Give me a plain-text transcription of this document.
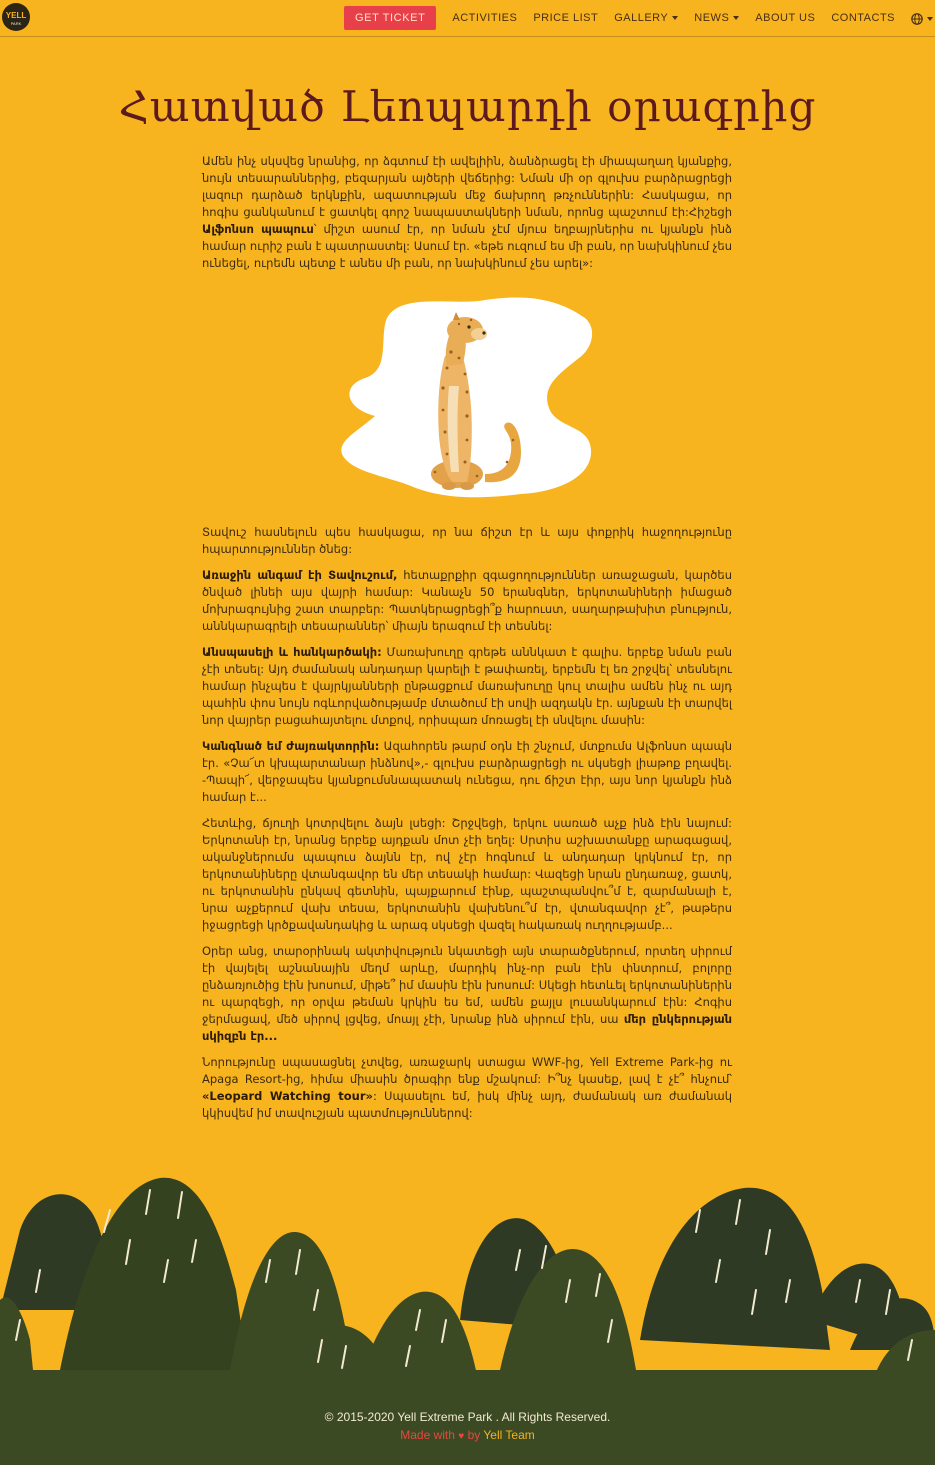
YELL
PARK	GET TICKET	ACTIVITIES	PRICE LIST	GALLERY	NEWS	ABOUT US	CONTACTS
Հատված Լեոպարդի օրագրից

Ամեն ինչ սկսվեց նրանից, որ ձգտում էի ավելիին, ձանձրացել էի միապաղաղ կյանքից, նույն տեսարաններից, բեզարյան այծերի վեճերից: Նման մի օր գլուխս բարձրացրեցի լազուր դարձած երկնքին, ազատության մեջ ճախրող թռչուններին: Հասկացա, որ հոգիս ցանկանում է ցատկել գորշ նապաստակների նման, որոնց պաշտում էի:Հիշեցի Ալֆոնսո պապուս՝ միշտ ասում էր, որ նման չէմ մյուս եղբայրներիս ու կյանքն ինձ համար ուրիշ բան է պատրաստել: Ասում էր. «եթե ուզում ես մի բան, որ նախկինում չես ունեցել, ուրեմն պետք է անես մի բան, որ նախկինում չես արել»:

Տավուշ հասնելուն պես հասկացա, որ նա ճիշտ էր և այս փոքրիկ հաջողությունը հպարտություններ ծնեց:

Առաջին անգամ էի Տավուշում, հետաքրքիր զգացողություններ առաջացան, կարծես ծնված լինեի այս վայրի համար: Կանաչն 50 երանգներ, երկոտանիների իմացած մոխրագույնից շատ տարբեր: Պատկերացրեցի՞ք հարուստ, սաղարթախիտ բնություն, աննկարագրելի տեսարաններ՝ միայն երազում էի տեսնել:

Անսպասելի և հանկարծակի: Մառախուղը գրեթե աննկատ է գալիս. երբեք նման բան չէի տեսել: Այդ ժամանակ անդադար կարելի է թափառել, երբեմն էլ եռ շրջվել՝ տեսնելու համար ինչպես է վայրկյանների ընթացքում մառախուղը կուլ տալիս ամեն ինչ ու այդ պահին փոս նույն ոգևորվածությամբ մտածում էի սովի ազդակն էր. այնքան էի տարվել նոր վայրեր բացահայտելու մտքով, որիսպառ մոռացել էի սնվելու մասին:

Կանգնած եմ ժայռակտորին: Ազահորեն թարմ օդն էի շնչում, մտքումս Ալֆոնսո պապն էր. «Չա՜տ կխպարտանար ինձնով»,- գլուխս բարձրացրեցի ու սկսեցի լիաթոք բղավել. -Պապի՜, վերջապես կյանքումսնապատակ ունեցա, դու ճիշտ էիր, այս նոր կյանքն ինձ համար է...

Հետևից, ճյուղի կոտրվելու ձայն լսեցի: Շրջվեցի, երկու սառած աչք ինձ էին նայում: Երկոտանի էր, նրանց երբեք այդքան մոտ չէի եղել: Սրտիս աշխատանքը արագացավ, ականջներումս պապուս ձայնն էր, ով չէր հոգնում և անդադար կրկնում էր, որ երկոտանիները վտանգավոր են մեր տեսակի համար: Վազեցի նրան ընդառաջ, ցատկ, ու երկոտանին ընկավ գետնին, պայքարում էինք, պաշտպանվու՞մ է, զարմանալի է, նրա աչքերում վախ տեսա, երկոտանին վախենու՞մ էր, վտանգավոր չէ՞, թաթերս իջացրեցի կրծքավանդակից և արագ սկսեցի վազել հակառակ ուղղությամբ...

Օրեր անց, տարօրինակ ակտիվություն նկատեցի այն տարածքներում, որտեղ սիրում էի վայելել աշնանային մեղմ արևը, մարդիկ ինչ-որ բան էին փնտրում, բոլորը ընձառյուծից էին խոսում, միթե՞ իմ մասին էին խոսում: Սկեցի հետևել երկոտանիներին ու պարզեցի, որ օրվա թեման կրկին ես եմ, ամեն քայլս լուսանկարում էին: Հոգիս ջերմացավ, մեծ սիրով լցվեց, մոայլ չէի, նրանք ինձ սիրում էին, սա մեր ընկերության սկիզբն էր...

Նորությունը սպասացնել չտվեց, առաջարկ ստացա WWF-ից, Yell Extreme Park-ից ու Apaga Resort-ից, հիմա միասին ծրագիր ենք մշակում: Ի՞նչ կասեք, լավ է չէ՞ հնչում՝ «Leopard Watching tour»: Սպասելու եմ, իսկ մինչ այդ, ժամանակ առ ժամանակ կկիսվեմ իմ տավուշյան պատմություններով:

© 2015-2020 Yell Extreme Park . All Rights Reserved.
Made with ♥ by Yell Team
